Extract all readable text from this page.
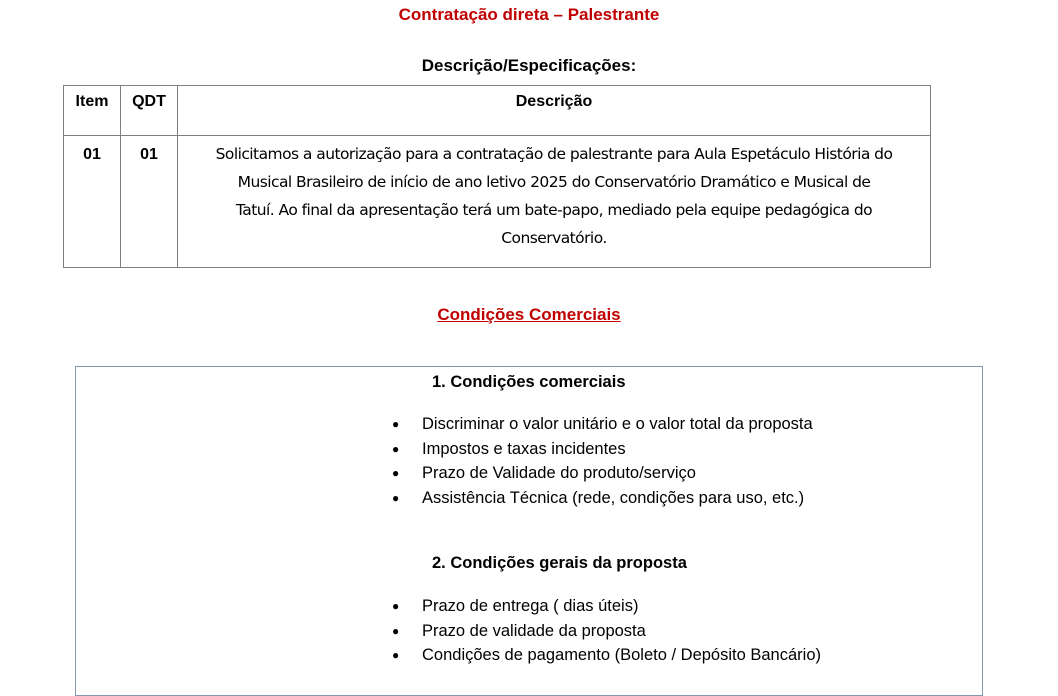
Contratação direta – Palestrante
Descrição/Especificações:
Item	QDT	Descrição
01	01	Solicitamos a autorização para a contratação de palestrante para Aula Espetáculo História do
Musical Brasileiro de início de ano letivo 2025 do Conservatório Dramático e Musical de
Tatuí. Ao final da apresentação terá um bate-papo, mediado pela equipe pedagógica do
Conservatório.
Condições Comerciais
1. Condições comerciais
● Discriminar o valor unitário e o valor total da proposta
● Impostos e taxas incidentes
● Prazo de Validade do produto/serviço
● Assistência Técnica (rede, condições para uso, etc.)
2. Condições gerais da proposta
● Prazo de entrega ( dias úteis)
● Prazo de validade da proposta
● Condições de pagamento (Boleto / Depósito Bancário)
